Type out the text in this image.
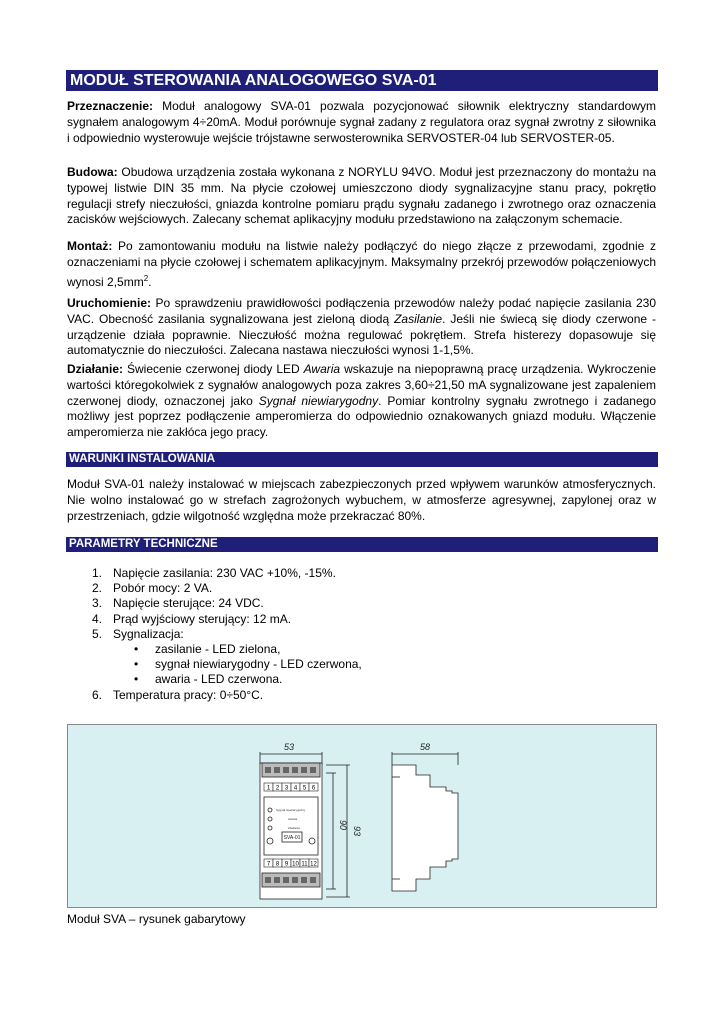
MODUŁ STEROWANIA ANALOGOWEGO SVA-01

Przeznaczenie: Moduł analogowy SVA-01 pozwala pozycjonować siłownik elektryczny standardowym sygnałem analogowym 4÷20mA. Moduł porównuje sygnał zadany z regulatora oraz sygnał zwrotny z siłownika i odpowiednio wysterowuje wejście trójstawne serwosterownika SERVOSTER-04 lub SERVOSTER-05.

Budowa: Obudowa urządzenia została wykonana z NORYLU 94VO. Moduł jest przeznaczony do montażu na typowej listwie DIN 35 mm. Na płycie czołowej umieszczono diody sygnalizacyjne stanu pracy, pokrętło regulacji strefy nieczułości, gniazda kontrolne pomiaru prądu sygnału zadanego i zwrotnego oraz oznaczenia zacisków wejściowych. Zalecany schemat aplikacyjny modułu przedstawiono na załączonym schemacie.

Montaż: Po zamontowaniu modułu na listwie należy podłączyć do niego złącze z przewodami, zgodnie z oznaczeniami na płycie czołowej i schematem aplikacyjnym. Maksymalny przekrój przewodów połączeniowych wynosi $2,5mm^2$.

Uruchomienie: Po sprawdzeniu prawidłowości podłączenia przewodów należy podać napięcie zasilania 230 VAC. Obecność zasilania sygnalizowana jest zieloną diodą Zasilanie. Jeśli nie świecą się diody czerwone - urządzenie działa poprawnie. Nieczułość można regulować pokrętłem. Strefa histerezy dopasowuje się automatycznie do nieczułości. Zalecana nastawa nieczułości wynosi 1-1,5%.

Działanie: Świecenie czerwonej diody LED Awaria wskazuje na niepoprawną pracę urządzenia. Wykroczenie wartości któregokolwiek z sygnałów analogowych poza zakres 3,60÷21,50 mA sygnalizowane jest zapaleniem czerwonej diody, oznaczonej jako Sygnał niewiarygodny. Pomiar kontrolny sygnału zwrotnego i zadanego możliwy jest poprzez podłączenie amperomierza do odpowiednio oznakowanych gniazd modułu. Włączenie amperomierza nie zakłóca jego pracy.

WARUNKI INSTALOWANIA

Moduł SVA-01 należy instalować w miejscach zabezpieczonych przed wpływem warunków atmosferycznych. Nie wolno instalować go w strefach zagrożonych wybuchem, w atmosferze agresywnej, zapylonej oraz w przestrzeniach, gdzie wilgotność względna może przekraczać 80%.

PARAMETRY TECHNICZNE
1. Napięcie zasilania: 230 VAC +10%, -15%.
2. Pobór mocy: 2 VA.
3. Napięcie sterujące: 24 VDC.
4. Prąd wyjściowy sterujący: 12 mA.
5. Sygnalizacja:
• zasilanie - LED zielona,
• sygnał niewiarygodny - LED czerwona,
• awaria - LED czerwona.
6. Temperatura pracy: 0÷50°C.
1 2 3 4 5 6
7 8 9 10 11 12
53	58
90
93
Sygnał niewiarygodny
Awaria
Zasilanie
SVA-01
Moduł SVA – rysunek gabarytowy
